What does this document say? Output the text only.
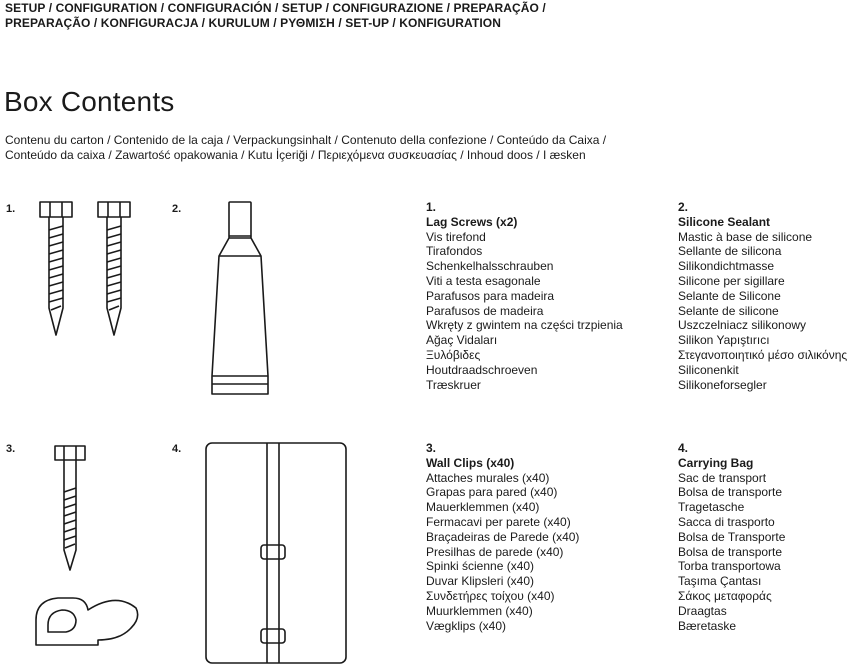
SETUP / CONFIGURATION / CONFIGURACIÓN / SETUP / CONFIGURAZIONE / PREPARAÇÃO /
PREPARAÇÃO / KONFIGURACJA / KURULUM / ΡΥΘΜΙΣΗ / SET-UP / KONFIGURATION
Box Contents
Contenu du carton / Contenido de la caja / Verpackungsinhalt / Contenuto della confezione / Conteúdo da Caixa /
Conteúdo da caixa / Zawartość opakowania / Kutu İçeriği / Περιεχόμενα συσκευασίας / Inhoud doos / I æsken
1.	2.
3.	4.
1.
Lag Screws (x2)
Vis tirefond
Tirafondos
Schenkelhalsschrauben
Viti a testa esagonale
Parafusos para madeira
Parafusos de madeira
Wkręty z gwintem na części trzpienia
Ağaç Vidaları
Ξυλόβιδες
Houtdraadschroeven
Træskruer
2.
Silicone Sealant
Mastic à base de silicone
Sellante de silicona
Silikondichtmasse
Silicone per sigillare
Selante de Silicone
Selante de silicone
Uszczelniacz silikonowy
Silikon Yapıştırıcı
Στεγανοποιητικό μέσο σιλικόνης
Siliconenkit
Silikoneforsegler
3.
Wall Clips (x40)
Attaches murales (x40)
Grapas para pared (x40)
Mauerklemmen (x40)
Fermacavi per parete (x40)
Braçadeiras de Parede (x40)
Presilhas de parede (x40)
Spinki ścienne (x40)
Duvar Klipsleri (x40)
Συνδετήρες τοίχου (x40)
Muurklemmen (x40)
Vægklips (x40)
4.
Carrying Bag
Sac de transport
Bolsa de transporte
Tragetasche
Sacca di trasporto
Bolsa de Transporte
Bolsa de transporte
Torba transportowa
Taşıma Çantası
Σάκος μεταφοράς
Draagtas
Bæretaske
